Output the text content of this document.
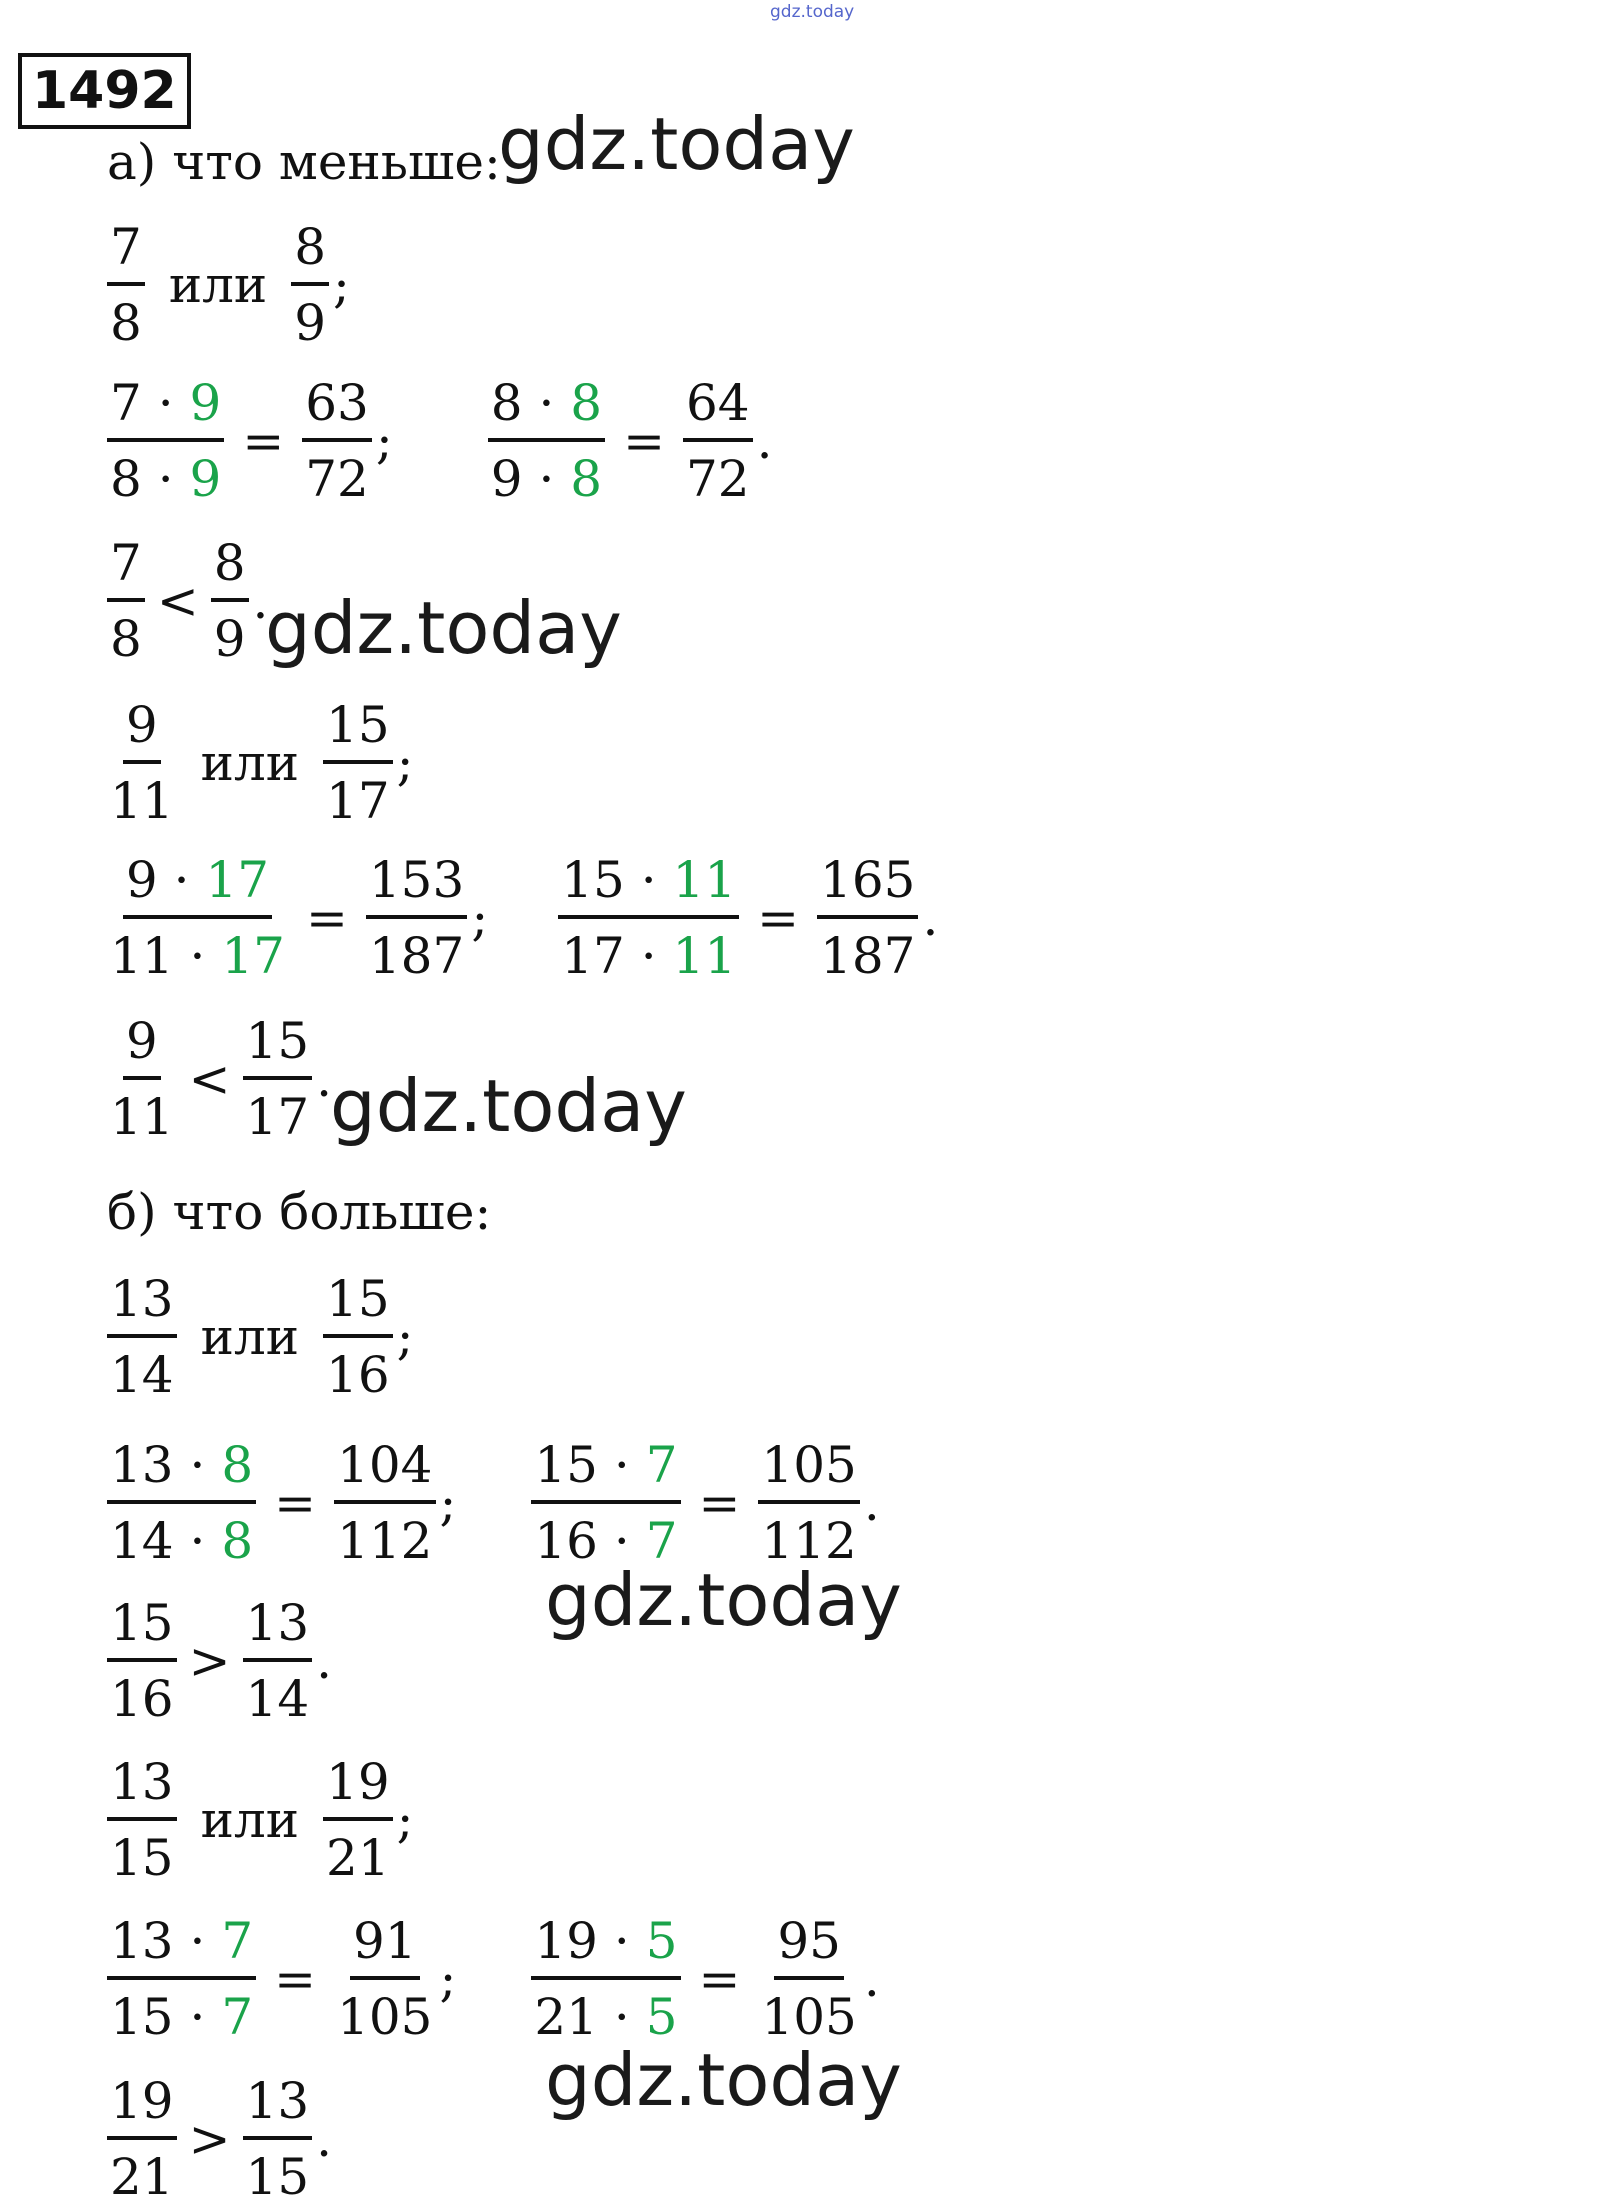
gdz.today
1492
а) что меньше:
gdz.today
$\frac{7}{8}$ или $\frac{8}{9}$ ;
$\frac{7 \cdot 9}{8 \cdot 9} = \frac{63}{72}$ ; $\frac{8 \cdot 8}{9 \cdot 8} = \frac{64}{72}$ .
$\frac{7}{8} < \frac{8}{9}$ .
gdz.today
$\frac{9}{11}$ или $\frac{15}{17}$ ;
$\frac{9 \cdot 17}{11 \cdot 17} = \frac{153}{187}$ ; $\frac{15 \cdot 11}{17 \cdot 11} = \frac{165}{187}$ .
$\frac{9}{11} < \frac{15}{17}$ .
gdz.today
б) что больше:
$\frac{13}{14}$ или $\frac{15}{16}$ ;
$\frac{13 \cdot 8}{14 \cdot 8} = \frac{104}{112}$ ; $\frac{15 \cdot 7}{16 \cdot 7} = \frac{105}{112}$ .
gdz.today
$\frac{15}{16} > \frac{13}{14}$ .
$\frac{13}{15}$ или $\frac{19}{21}$ ;
$\frac{13 \cdot 7}{15 \cdot 7} = \frac{91}{105}$ ; $\frac{19 \cdot 5}{21 \cdot 5} = \frac{95}{105}$ .
gdz.today
$\frac{19}{21} > \frac{13}{15}$ .
